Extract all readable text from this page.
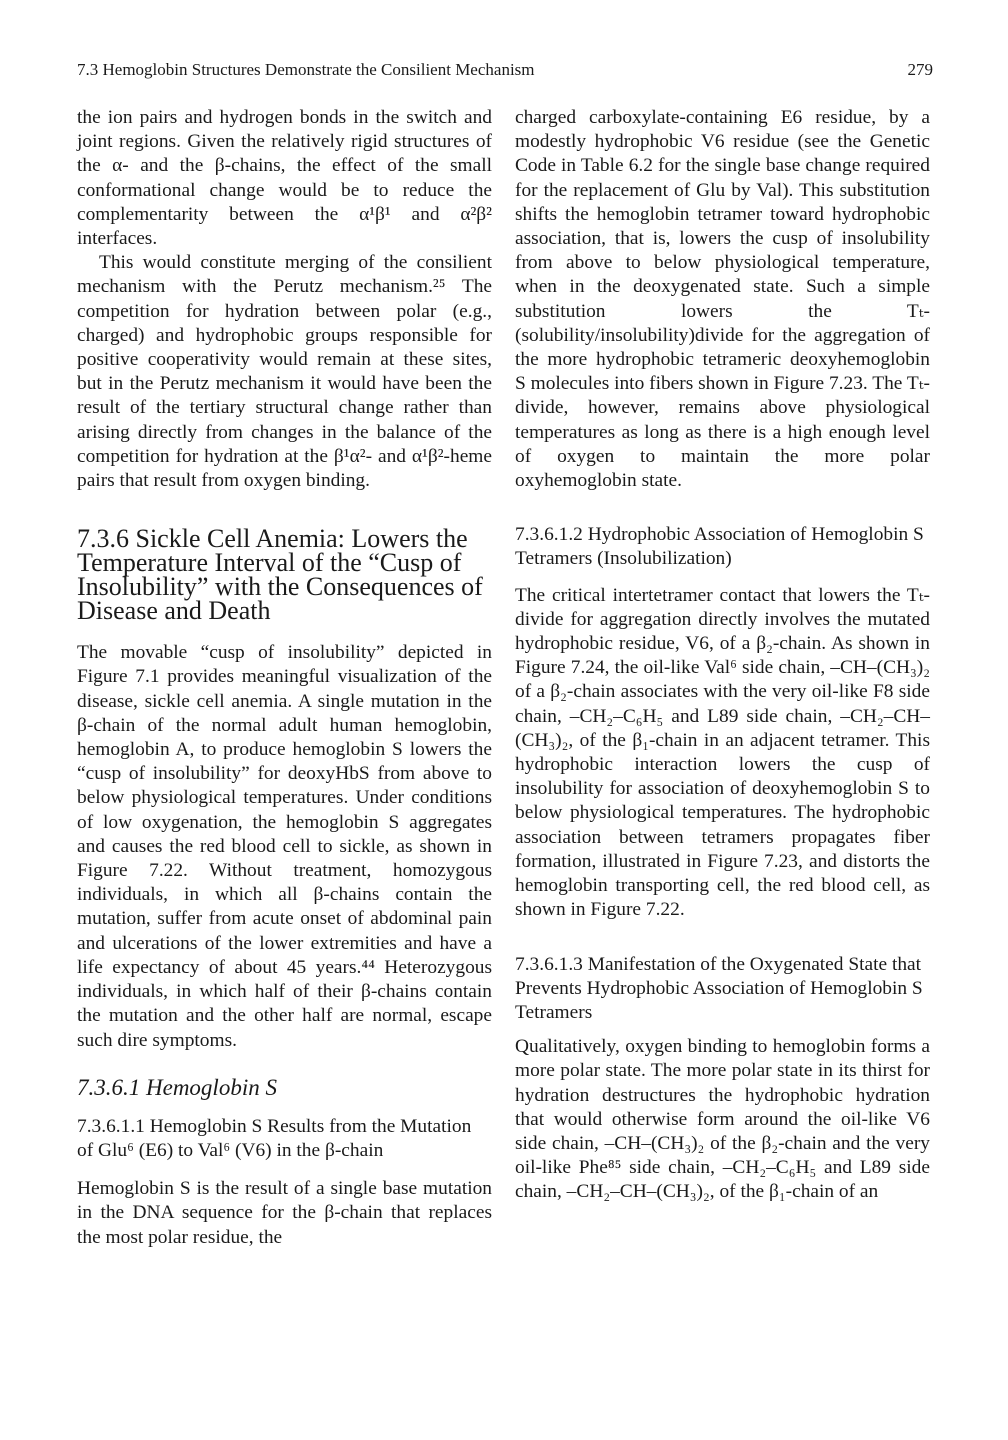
7.3 Hemoglobin Structures Demonstrate the Consilient Mechanism	279

the ion pairs and hydrogen bonds in the switch and joint regions. Given the relatively rigid structures of the α- and the β-chains, the effect of the small conformational change would be to reduce the complementarity between the α¹β¹ and α²β² interfaces.

This would constitute merging of the consilient mechanism with the Perutz mechanism.²⁵ The competition for hydration between polar (e.g., charged) and hydrophobic groups responsible for positive cooperativity would remain at these sites, but in the Perutz mechanism it would have been the result of the tertiary structural change rather than arising directly from changes in the balance of the competition for hydration at the β¹α²- and α¹β²-heme pairs that result from oxygen binding.

7.3.6 Sickle Cell Anemia: Lowers the Temperature Interval of the “Cusp of Insolubility” with the Consequences of Disease and Death

The movable “cusp of insolubility” depicted in Figure 7.1 provides meaningful visualization of the disease, sickle cell anemia. A single mutation in the β-chain of the normal adult human hemoglobin, hemoglobin A, to produce hemoglobin S lowers the “cusp of insolubility” for deoxyHbS from above to below physiological temperatures. Under conditions of low oxygenation, the hemoglobin S aggregates and causes the red blood cell to sickle, as shown in Figure 7.22. Without treatment, homozygous individuals, in which all β-chains contain the mutation, suffer from acute onset of abdominal pain and ulcerations of the lower extremities and have a life expectancy of about 45 years.⁴⁴ Heterozygous individuals, in which half of their β-chains contain the mutation and the other half are normal, escape such dire symptoms.

7.3.6.1 Hemoglobin S
7.3.6.1.1 Hemoglobin S Results from the Mutation of Glu⁶ (E6) to Val⁶ (V6) in the β-chain

Hemoglobin S is the result of a single base mutation in the DNA sequence for the β-chain that replaces the most polar residue, the

charged carboxylate-containing E6 residue, by a modestly hydrophobic V6 residue (see the Genetic Code in Table 6.2 for the single base change required for the replacement of Glu by Val). This substitution shifts the hemoglobin tetramer toward hydrophobic association, that is, lowers the cusp of insolubility from above to below physiological temperature, when in the deoxygenated state. Such a simple substitution lowers the Tₜ-(solubility/insolubility)divide for the aggregation of the more hydrophobic tetrameric deoxyhemoglobin S molecules into fibers shown in Figure 7.23. The Tₜ-divide, however, remains above physiological temperatures as long as there is a high enough level of oxygen to maintain the more polar oxyhemoglobin state.

7.3.6.1.2 Hydrophobic Association of Hemoglobin S Tetramers (Insolubilization)

The critical intertetramer contact that lowers the Tₜ-divide for aggregation directly involves the mutated hydrophobic residue, V6, of a β₂-chain. As shown in Figure 7.24, the oil-like Val⁶ side chain, –CH–(CH₃)₂ of a β₂-chain associates with the very oil-like F8 side chain, –CH₂–C₆H₅ and L89 side chain, –CH₂–CH–(CH₃)₂, of the β₁-chain in an adjacent tetramer. This hydrophobic interaction lowers the cusp of insolubility for association of deoxyhemoglobin S to below physiological temperatures. The hydrophobic association between tetramers propagates fiber formation, illustrated in Figure 7.23, and distorts the hemoglobin transporting cell, the red blood cell, as shown in Figure 7.22.

7.3.6.1.3 Manifestation of the Oxygenated State that Prevents Hydrophobic Association of Hemoglobin S Tetramers

Qualitatively, oxygen binding to hemoglobin forms a more polar state. The more polar state in its thirst for hydration destructures the hydrophobic hydration that would otherwise form around the oil-like V6 side chain, –CH–(CH₃)₂ of the β₂-chain and the very oil-like Phe⁸⁵ side chain, –CH₂–C₆H₅ and L89 side chain, –CH₂–CH–(CH₃)₂, of the β₁-chain of an
